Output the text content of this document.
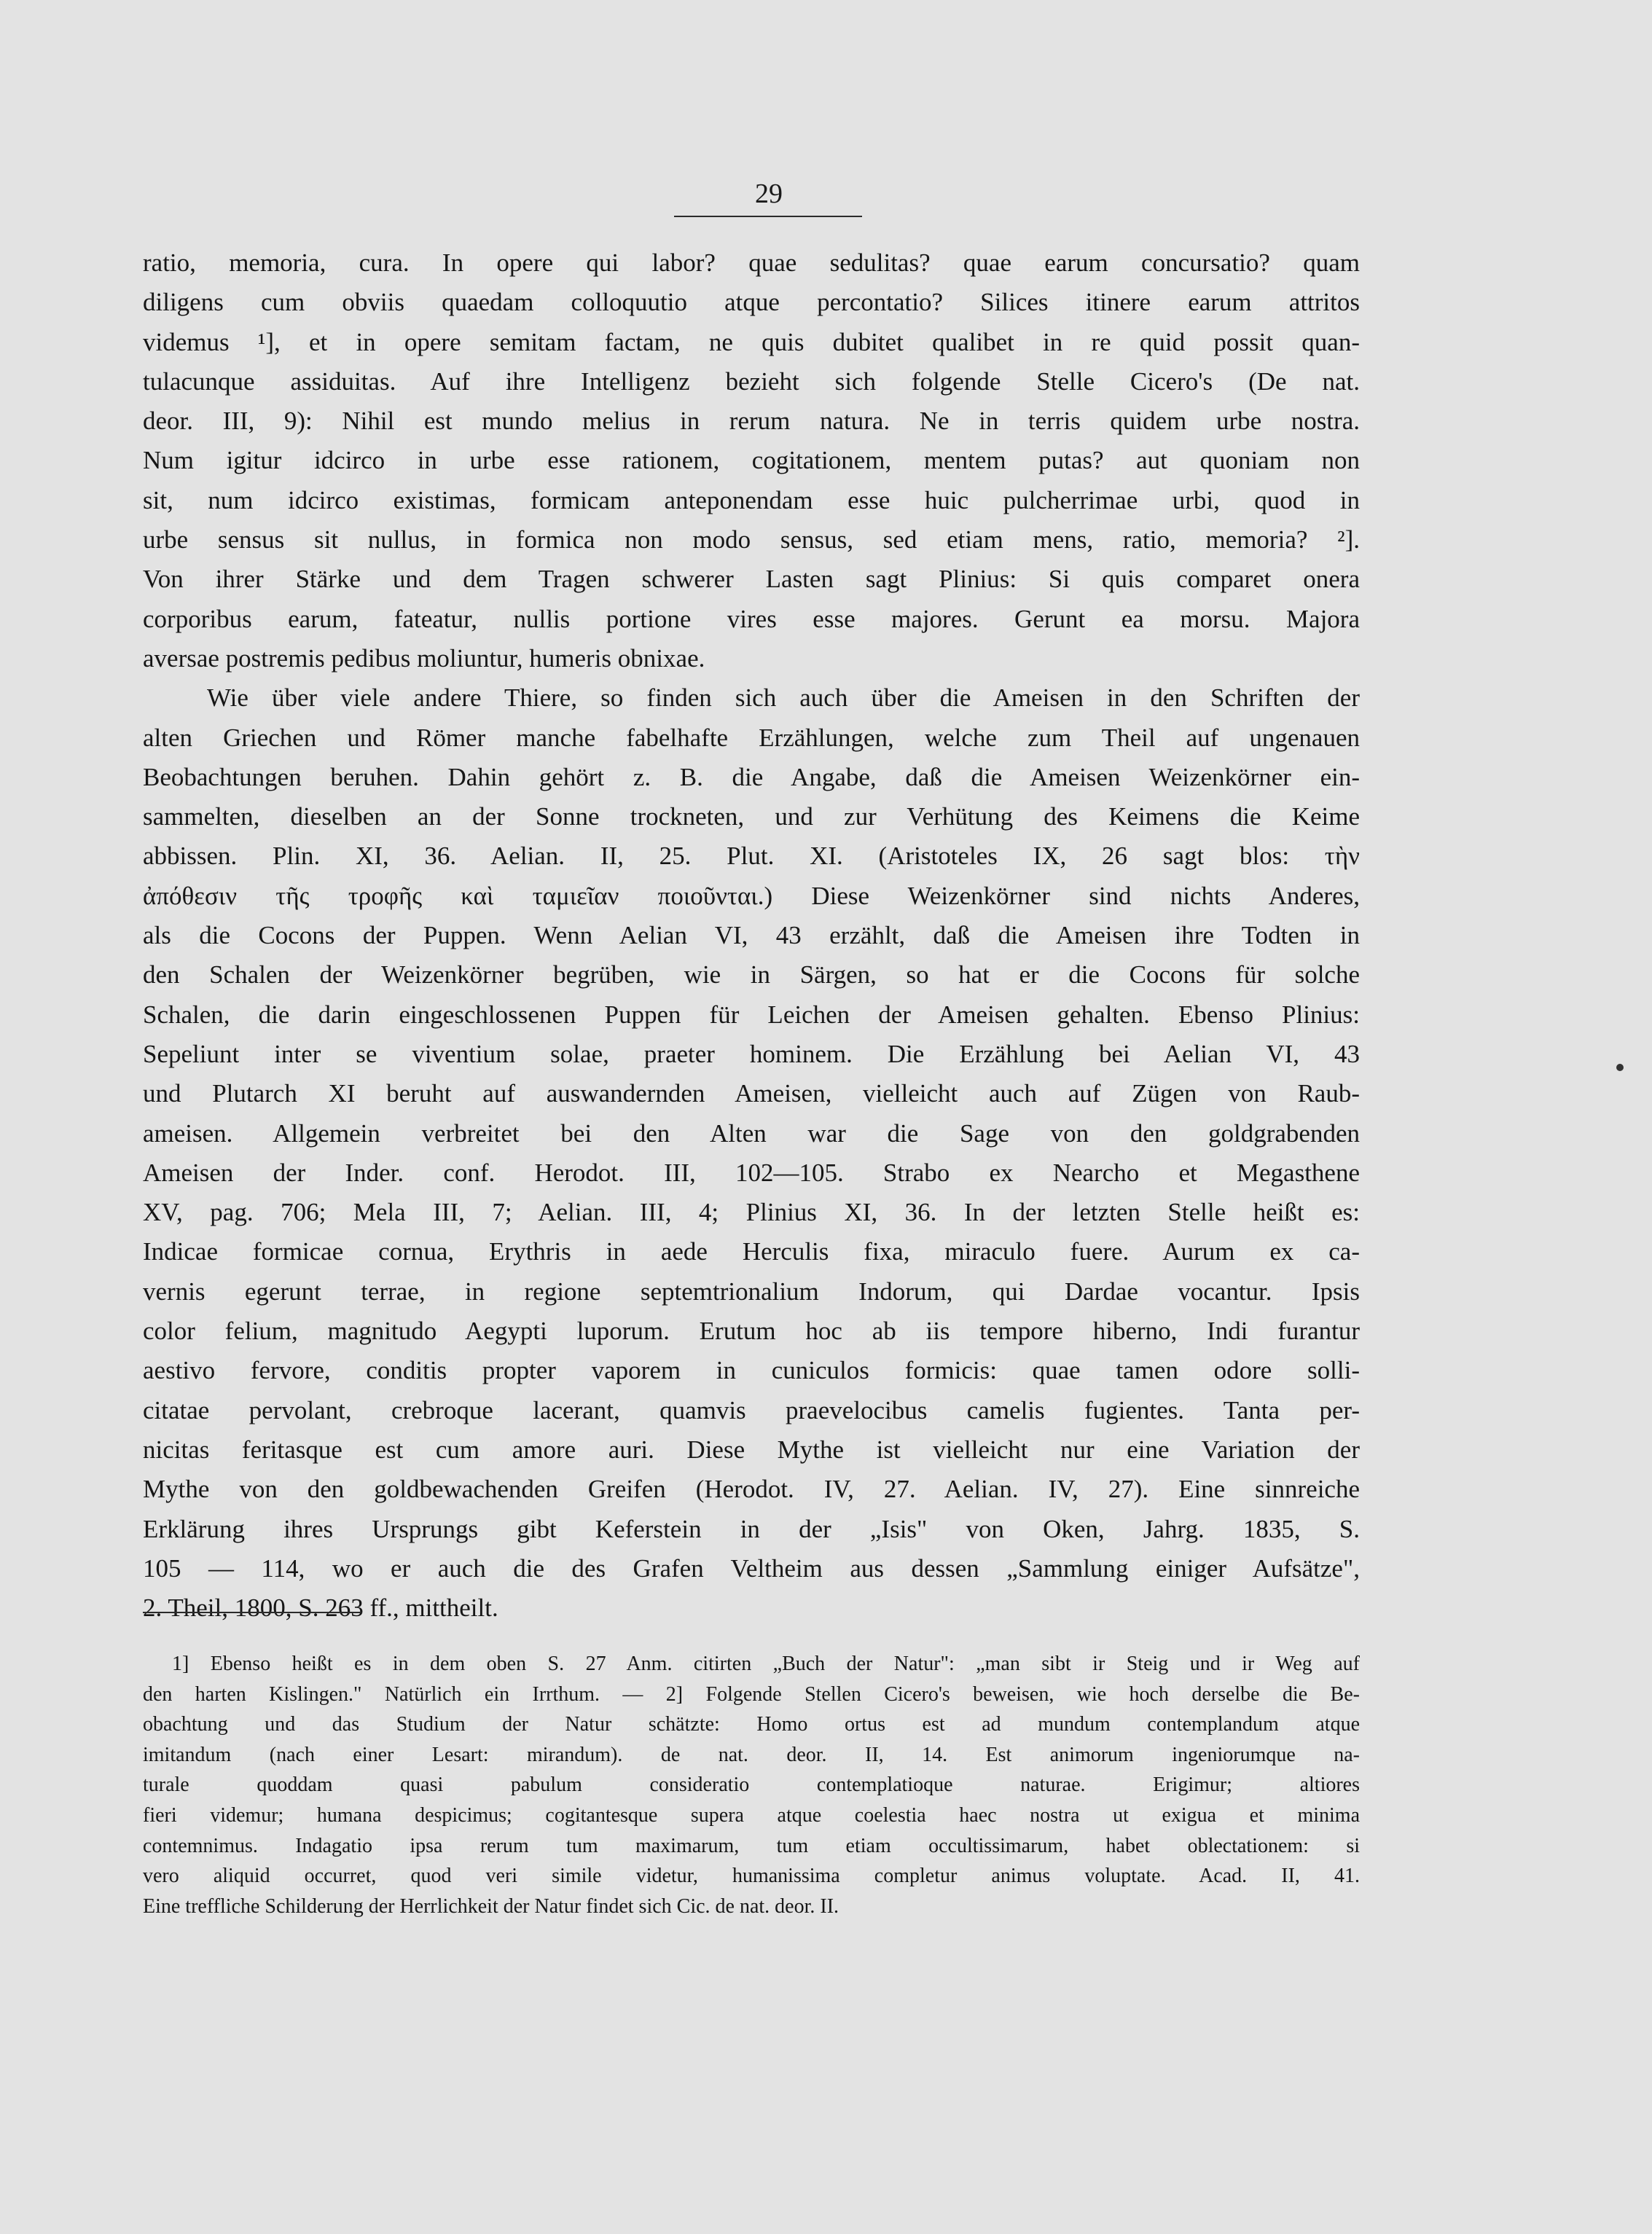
29
ratio, memoria, cura. In opere qui labor? quae sedulitas? quae earum concursatio? quam
diligens cum obviis quaedam colloquutio atque percontatio? Silices itinere earum attritos
videmus ¹], et in opere semitam factam, ne quis dubitet qualibet in re quid possit quan-
tulacunque assiduitas. Auf ihre Intelligenz bezieht sich folgende Stelle Cicero's (De nat.
deor. III, 9): Nihil est mundo melius in rerum natura. Ne in terris quidem urbe nostra.
Num igitur idcirco in urbe esse rationem, cogitationem, mentem putas? aut quoniam non
sit, num idcirco existimas, formicam anteponendam esse huic pulcherrimae urbi, quod in
urbe sensus sit nullus, in formica non modo sensus, sed etiam mens, ratio, memoria? ²].
Von ihrer Stärke und dem Tragen schwerer Lasten sagt Plinius: Si quis comparet onera
corporibus earum, fateatur, nullis portione vires esse majores. Gerunt ea morsu. Majora
aversae postremis pedibus moliuntur, humeris obnixae.
Wie über viele andere Thiere, so finden sich auch über die Ameisen in den Schriften der
alten Griechen und Römer manche fabelhafte Erzählungen, welche zum Theil auf ungenauen
Beobachtungen beruhen. Dahin gehört z. B. die Angabe, daß die Ameisen Weizenkörner ein-
sammelten, dieselben an der Sonne trockneten, und zur Verhütung des Keimens die Keime
abbissen. Plin. XI, 36. Aelian. II, 25. Plut. XI. (Aristoteles IX, 26 sagt blos: τὴν
ἀπόθεσιν τῆς τροφῆς καὶ ταμιεῖαν ποιοῦνται.) Diese Weizenkörner sind nichts Anderes,
als die Cocons der Puppen. Wenn Aelian VI, 43 erzählt, daß die Ameisen ihre Todten in
den Schalen der Weizenkörner begrüben, wie in Särgen, so hat er die Cocons für solche
Schalen, die darin eingeschlossenen Puppen für Leichen der Ameisen gehalten. Ebenso Plinius:
Sepeliunt inter se viventium solae, praeter hominem. Die Erzählung bei Aelian VI, 43
und Plutarch XI beruht auf auswandernden Ameisen, vielleicht auch auf Zügen von Raub-
ameisen. Allgemein verbreitet bei den Alten war die Sage von den goldgrabenden
Ameisen der Inder. conf. Herodot. III, 102—105. Strabo ex Nearcho et Megasthene
XV, pag. 706; Mela III, 7; Aelian. III, 4; Plinius XI, 36. In der letzten Stelle heißt es:
Indicae formicae cornua, Erythris in aede Herculis fixa, miraculo fuere. Aurum ex ca-
vernis egerunt terrae, in regione septemtrionalium Indorum, qui Dardae vocantur. Ipsis
color felium, magnitudo Aegypti luporum. Erutum hoc ab iis tempore hiberno, Indi furantur
aestivo fervore, conditis propter vaporem in cuniculos formicis: quae tamen odore solli-
citatae pervolant, crebroque lacerant, quamvis praevelocibus camelis fugientes. Tanta per-
nicitas feritasque est cum amore auri. Diese Mythe ist vielleicht nur eine Variation der
Mythe von den goldbewachenden Greifen (Herodot. IV, 27. Aelian. IV, 27). Eine sinnreiche
Erklärung ihres Ursprungs gibt Keferstein in der „Isis" von Oken, Jahrg. 1835, S.
105 — 114, wo er auch die des Grafen Veltheim aus dessen „Sammlung einiger Aufsätze",
2. Theil, 1800, S. 263 ff., mittheilt.
1] Ebenso heißt es in dem oben S. 27 Anm. citirten „Buch der Natur": „man sibt ir Steig und ir Weg auf
den harten Kislingen." Natürlich ein Irrthum. — 2] Folgende Stellen Cicero's beweisen, wie hoch derselbe die Be-
obachtung und das Studium der Natur schätzte: Homo ortus est ad mundum contemplandum atque
imitandum (nach einer Lesart: mirandum). de nat. deor. II, 14. Est animorum ingeniorumque na-
turale quoddam quasi pabulum consideratio contemplatioque naturae. Erigimur; altiores
fieri videmur; humana despicimus; cogitantesque supera atque coelestia haec nostra ut exigua et minima
contemnimus. Indagatio ipsa rerum tum maximarum, tum etiam occultissimarum, habet oblectationem: si
vero aliquid occurret, quod veri simile videtur, humanissima completur animus voluptate. Acad. II, 41.
Eine treffliche Schilderung der Herrlichkeit der Natur findet sich Cic. de nat. deor. II.
